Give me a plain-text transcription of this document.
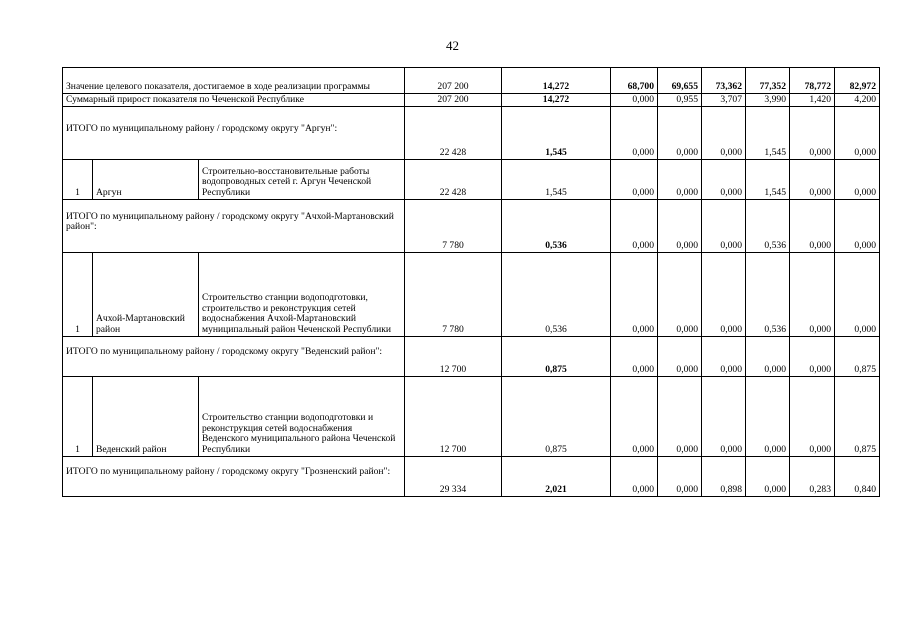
42
Значение целевого показателя, достигаемое в ходе реализации программы			207 200	14,272	68,700	69,655	73,362	77,352	78,772	82,972
Суммарный прирост показателя по Чеченской Республике			207 200	14,272	0,000	0,955	3,707	3,990	1,420	4,200
ИТОГО по муниципальному району / городскому округу "Аргун":			22 428	1,545	0,000	0,000	0,000	1,545	0,000	0,000
1	Аргун	Строительно-восстановительные работы водопроводных сетей г. Аргун Чеченской Республики	22 428	1,545	0,000	0,000	0,000	1,545	0,000	0,000
ИТОГО по муниципальному району / городскому округу "Ачхой-Мартановский район":			7 780	0,536	0,000	0,000	0,000	0,536	0,000	0,000
1	Ачхой-Мартановский район	Строительство станции водоподготовки, строительство и реконструкция сетей водоснабжения Ачхой-Мартановский муниципальный район Чеченской Республики	7 780	0,536	0,000	0,000	0,000	0,536	0,000	0,000
ИТОГО по муниципальному району / городскому округу "Веденский район":			12 700	0,875	0,000	0,000	0,000	0,000	0,000	0,875
1	Веденский район	Строительство станции водоподготовки и реконструкция сетей водоснабжения Веденского муниципального района Чеченской Республики	12 700	0,875	0,000	0,000	0,000	0,000	0,000	0,875
ИТОГО по муниципальному району / городскому округу "Грозненский район":			29 334	2,021	0,000	0,000	0,898	0,000	0,283	0,840
